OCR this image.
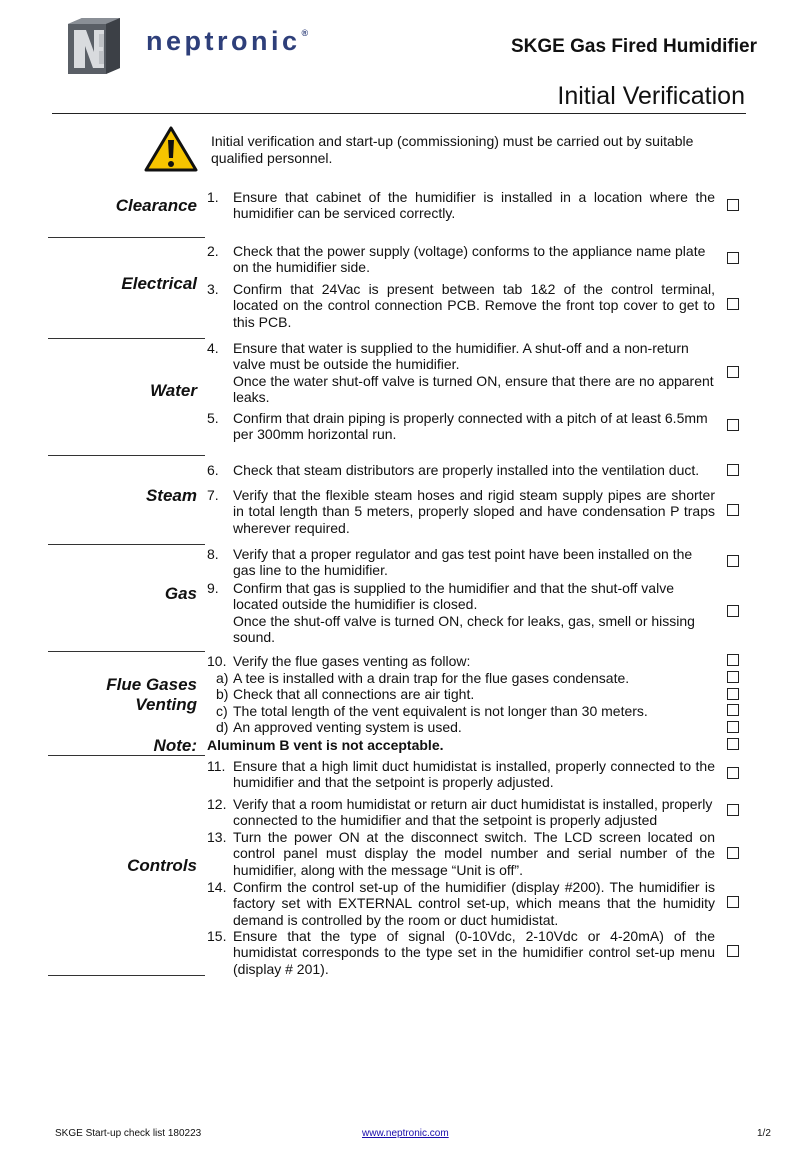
neptronic®
SKGE Gas Fired Humidifier
Initial Verification
Initial verification and start-up (commissioning) must be carried out by suitable qualified personnel.
Clearance
Electrical
Water
Steam
Gas
Flue Gases
Venting
Note:
Controls
1. Ensure that cabinet of the humidifier is installed in a location where the humidifier can be serviced correctly.
2. Check that the power supply (voltage) conforms to the appliance name plate on the humidifier side.
3. Confirm that 24Vac is present between tab 1&2 of the control terminal, located on the control connection PCB. Remove the front top cover to get to this PCB.
4. Ensure that water is supplied to the humidifier. A shut-off and a non-return valve must be outside the humidifier.
Once the water shut-off valve is turned ON, ensure that there are no apparent leaks.
5. Confirm that drain piping is properly connected with a pitch of at least 6.5mm per 300mm horizontal run.
6. Check that steam distributors are properly installed into the ventilation duct.
7. Verify that the flexible steam hoses and rigid steam supply pipes are shorter in total length than 5 meters, properly sloped and have condensation P traps wherever required.
8. Verify that a proper regulator and gas test point have been installed on the gas line to the humidifier.
9. Confirm that gas is supplied to the humidifier and that the shut-off valve located outside the humidifier is closed.
Once the shut-off valve is turned ON, check for leaks, gas, smell or hissing sound.
10. Verify the flue gases venting as follow:
a) A tee is installed with a drain trap for the flue gases condensate.
b) Check that all connections are air tight.
c) The total length of the vent equivalent is not longer than 30 meters.
d) An approved venting system is used.
Aluminum B vent is not acceptable.
11. Ensure that a high limit duct humidistat is installed, properly connected to the humidifier and that the setpoint is properly adjusted.
12. Verify that a room humidistat or return air duct humidistat is installed, properly connected to the humidifier and that the setpoint is properly adjusted
13. Turn the power ON at the disconnect switch. The LCD screen located on control panel must display the model number and serial number of the humidifier, along with the message “Unit is off”.
14. Confirm the control set-up of the humidifier (display #200). The humidifier is factory set with EXTERNAL control set-up, which means that the humidity demand is controlled by the room or duct humidistat.
15. Ensure that the type of signal (0-10Vdc, 2-10Vdc or 4-20mA) of the humidistat corresponds to the type set in the humidifier control set-up menu (display # 201).
SKGE Start-up check list 180223	www.neptronic.com	1/2
